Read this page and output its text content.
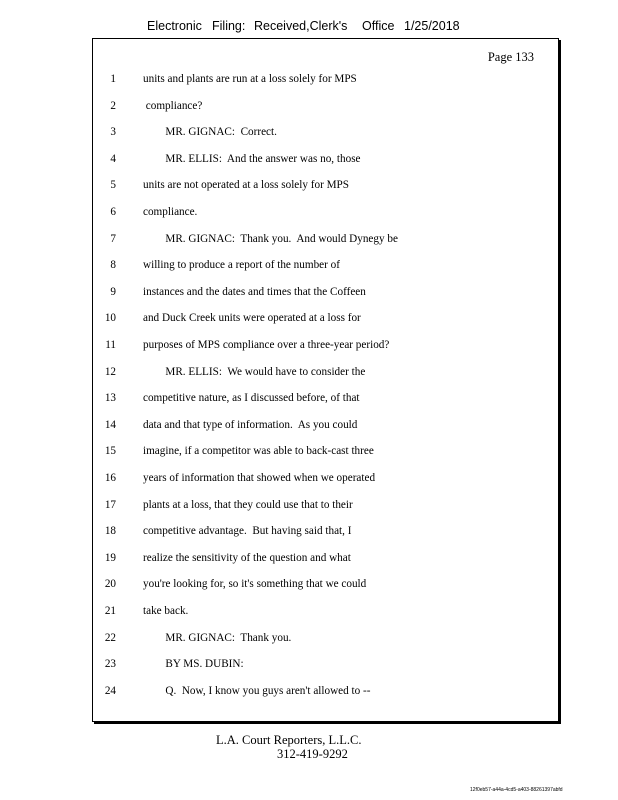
Electronic Filing: Received,Clerk's Office 1/25/2018
Page 133
1 units and plants are run at a loss solely for MPS
2 compliance?
3 MR. GIGNAC:  Correct.
4 MR. ELLIS:  And the answer was no, those
5 units are not operated at a loss solely for MPS
6 compliance.
7 MR. GIGNAC:  Thank you.  And would Dynegy be
8 willing to produce a report of the number of
9 instances and the dates and times that the Coffeen
10 and Duck Creek units were operated at a loss for
11 purposes of MPS compliance over a three-year period?
12 MR. ELLIS:  We would have to consider the
13 competitive nature, as I discussed before, of that
14 data and that type of information.  As you could
15 imagine, if a competitor was able to back-cast three
16 years of information that showed when we operated
17 plants at a loss, that they could use that to their
18 competitive advantage.  But having said that, I
19 realize the sensitivity of the question and what
20 you're looking for, so it's something that we could
21 take back.
22 MR. GIGNAC:  Thank you.
23 BY MS. DUBIN:
24 Q.  Now, I know you guys aren't allowed to --
L.A. Court Reporters, L.L.C.
312-419-9292
12f0eb57-a44a-4cd5-a403-88261397abfd
